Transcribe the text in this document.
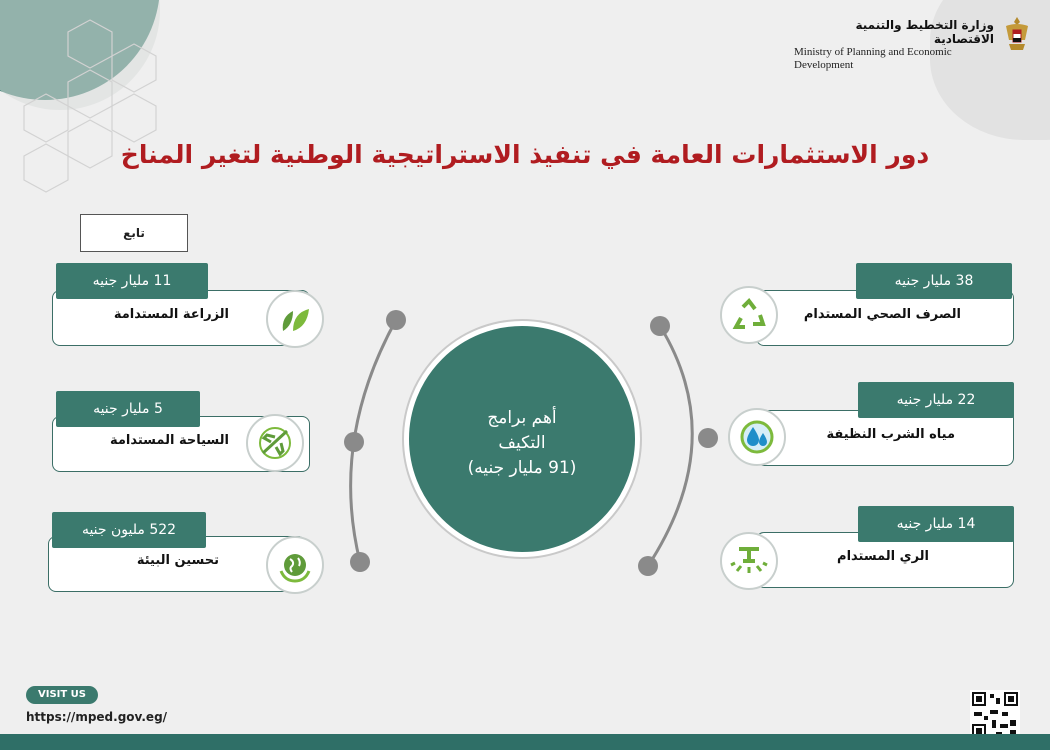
وزارة التخطيط والتنمية الاقتصادية
Ministry of Planning and Economic Development
دور الاستثمارات العامة في تنفيذ الاستراتيجية الوطنية لتغير المناخ
تابع
أهم برامج
التكيف
(91 مليار جنيه)
الزراعة المستدامة
11 مليار جنيه
السياحة المستدامة
5 مليار جنيه
تحسين البيئة
522 مليون جنيه
الصرف الصحي المستدام
38 مليار جنيه
مياه الشرب النظيفة
22 مليار جنيه
الري المستدام
14 مليار جنيه
VISIT US
https://mped.gov.eg/
